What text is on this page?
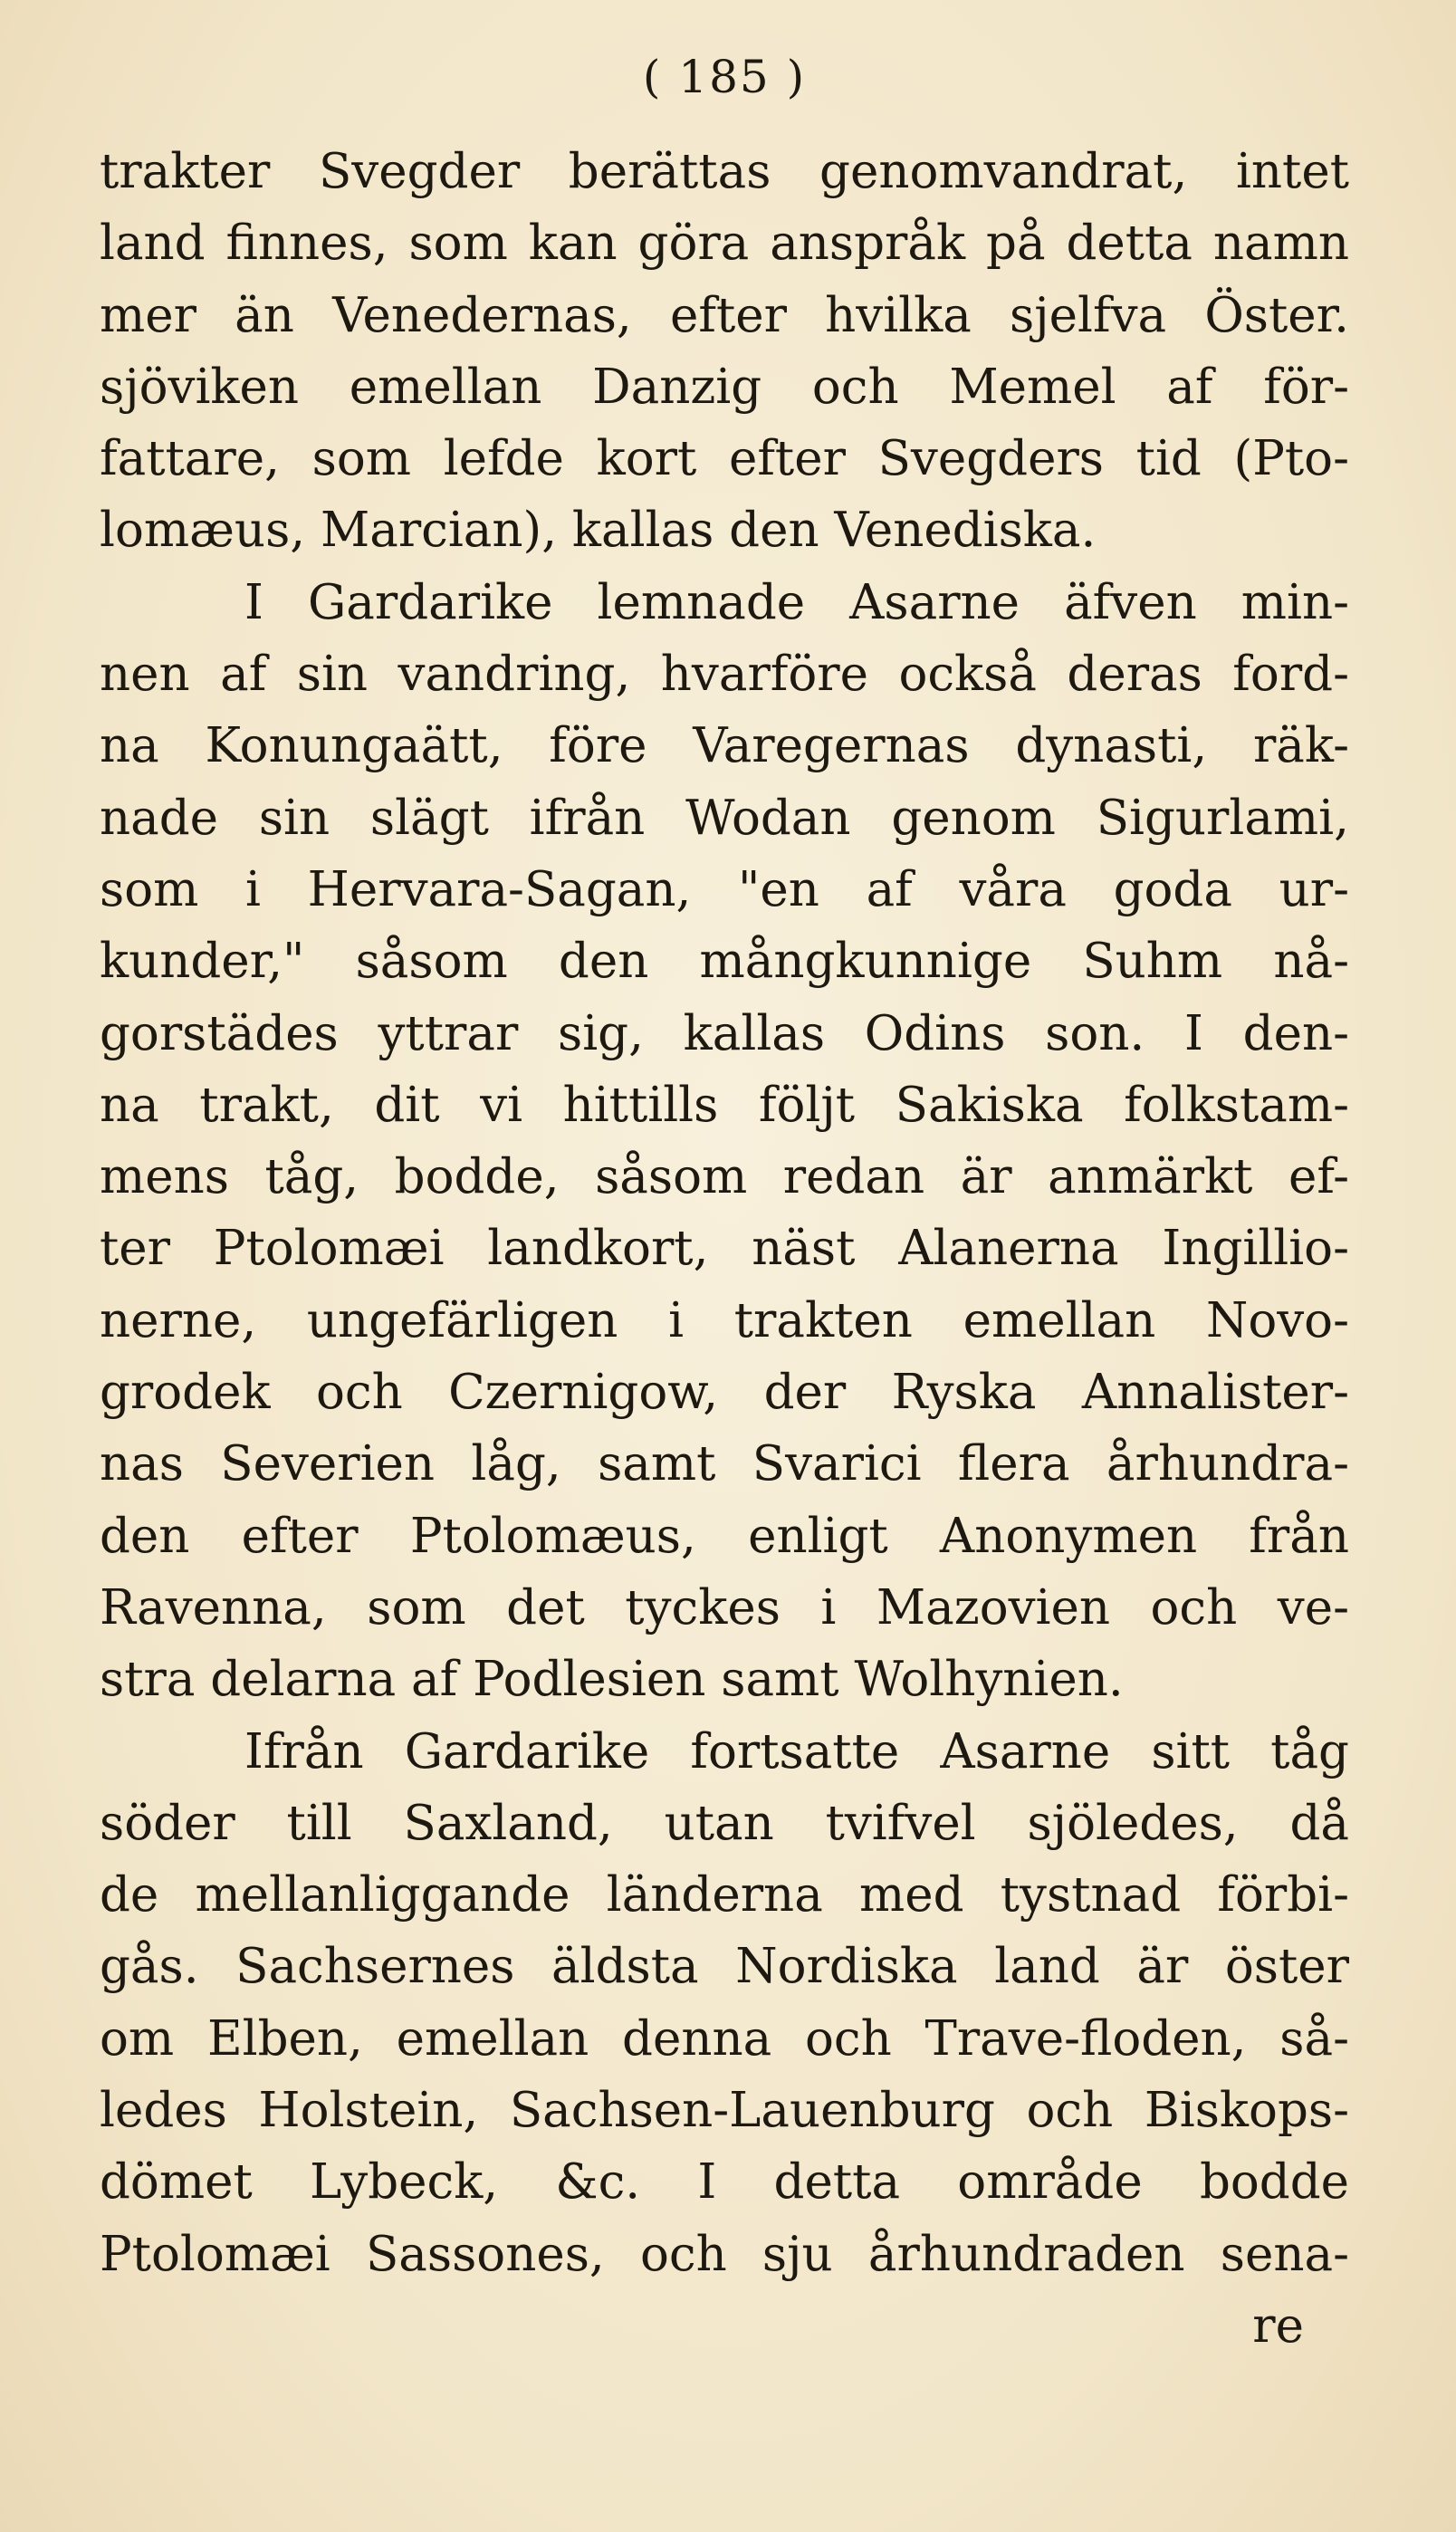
( 185 )
trakter Svegder berättas genomvandrat, intet
land finnes, som kan göra anspråk på detta namn
mer än Venedernas, efter hvilka sjelfva Öster.
sjöviken emellan Danzig och Memel af för-
fattare, som lefde kort efter Svegders tid (Pto-
lomæus, Marcian), kallas den Venediska.
I Gardarike lemnade Asarne äfven min-
nen af sin vandring, hvarföre också deras ford-
na Konungaätt, före Varegernas dynasti, räk-
nade sin slägt ifrån Wodan genom Sigurlami,
som i Hervara-Sagan, "en af våra goda ur-
kunder," såsom den mångkunnige Suhm nå-
gorstädes yttrar sig, kallas Odins son. I den-
na trakt, dit vi hittills följt Sakiska folkstam-
mens tåg, bodde, såsom redan är anmärkt ef-
ter Ptolomæi landkort, näst Alanerna Ingillio-
nerne, ungefärligen i trakten emellan Novo-
grodek och Czernigow, der Ryska Annalister-
nas Severien låg, samt Svarici flera århundra-
den efter Ptolomæus, enligt Anonymen från
Ravenna, som det tyckes i Mazovien och ve-
stra delarna af Podlesien samt Wolhynien.
Ifrån Gardarike fortsatte Asarne sitt tåg
söder till Saxland, utan tvifvel sjöledes, då
de mellanliggande länderna med tystnad förbi-
gås. Sachsernes äldsta Nordiska land är öster
om Elben, emellan denna och Trave-floden, så-
ledes Holstein, Sachsen-Lauenburg och Biskops-
dömet Lybeck, &c. I detta område bodde
Ptolomæi Sassones, och sju århundraden sena-
re
